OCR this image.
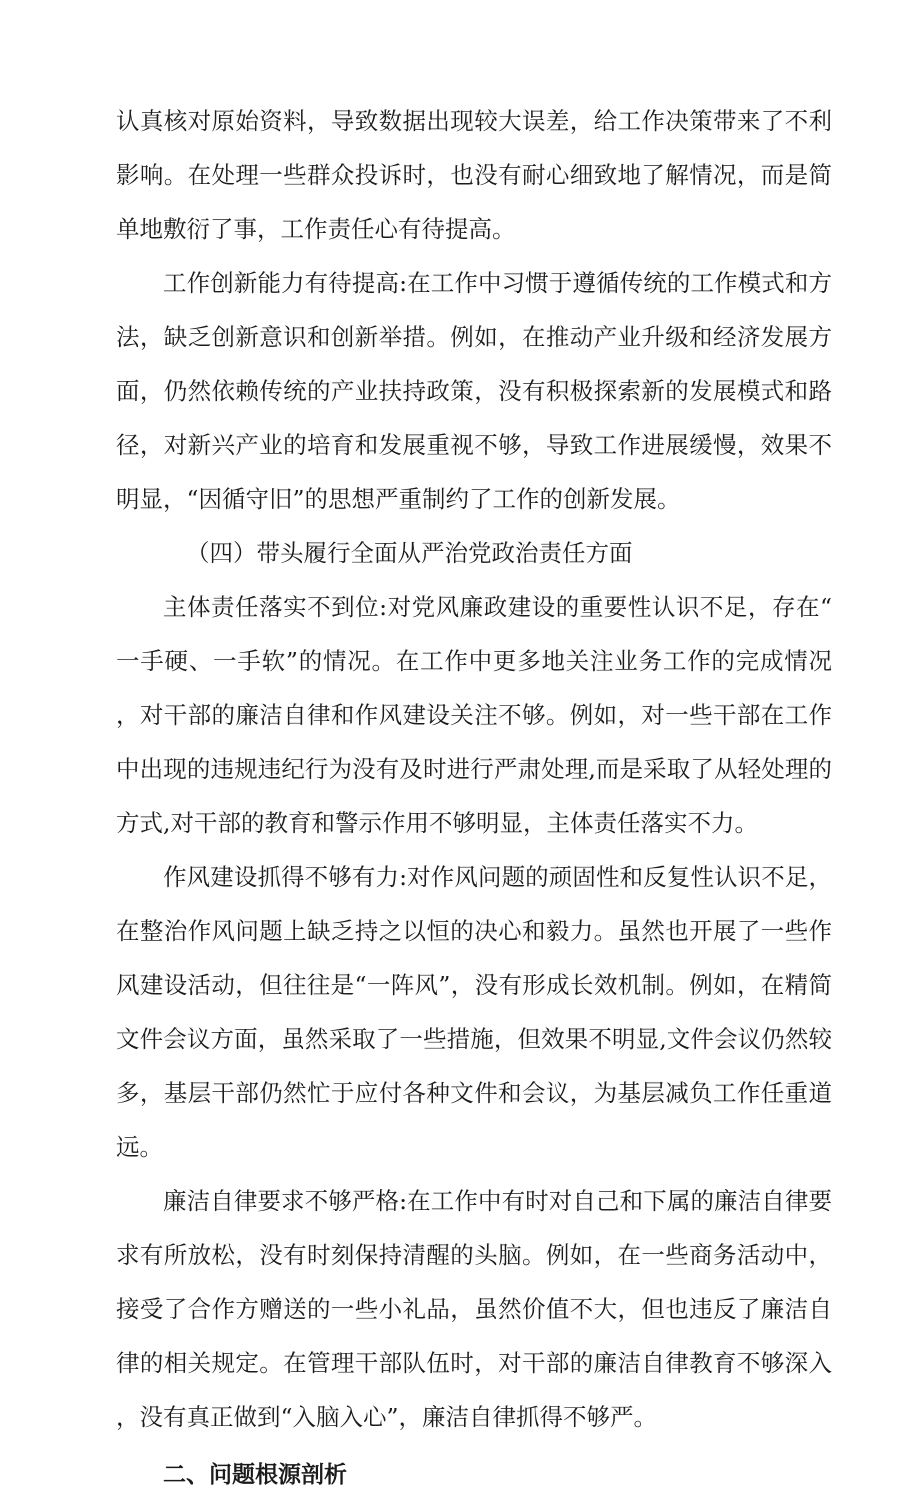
认真核对原始资料，导致数据出现较大误差，给工作决策带来了不利影响。在处理一些群众投诉时，也没有耐心细致地了解情况，而是简单地敷衍了事，工作责任心有待提高。

工作创新能力有待提高:在工作中习惯于遵循传统的工作模式和方法，缺乏创新意识和创新举措。例如，在推动产业升级和经济发展方面，仍然依赖传统的产业扶持政策，没有积极探索新的发展模式和路径，对新兴产业的培育和发展重视不够，导致工作进展缓慢，效果不明显，“因循守旧”的思想严重制约了工作的创新发展。

（四）带头履行全面从严治党政治责任方面

主体责任落实不到位:对党风廉政建设的重要性认识不足，存在“一手硬、一手软”的情况。在工作中更多地关注业务工作的完成情况，对干部的廉洁自律和作风建设关注不够。例如，对一些干部在工作中出现的违规违纪行为没有及时进行严肃处理,而是采取了从轻处理的方式,对干部的教育和警示作用不够明显，主体责任落实不力。

作风建设抓得不够有力:对作风问题的顽固性和反复性认识不足，在整治作风问题上缺乏持之以恒的决心和毅力。虽然也开展了一些作风建设活动，但往往是“一阵风”，没有形成长效机制。例如，在精简文件会议方面，虽然采取了一些措施，但效果不明显,文件会议仍然较多，基层干部仍然忙于应付各种文件和会议，为基层减负工作任重道远。

廉洁自律要求不够严格:在工作中有时对自己和下属的廉洁自律要求有所放松，没有时刻保持清醒的头脑。例如，在一些商务活动中，接受了合作方赠送的一些小礼品，虽然价值不大，但也违反了廉洁自律的相关规定。在管理干部队伍时，对干部的廉洁自律教育不够深入，没有真正做到“入脑入心”，廉洁自律抓得不够严。

二、问题根源剖析
